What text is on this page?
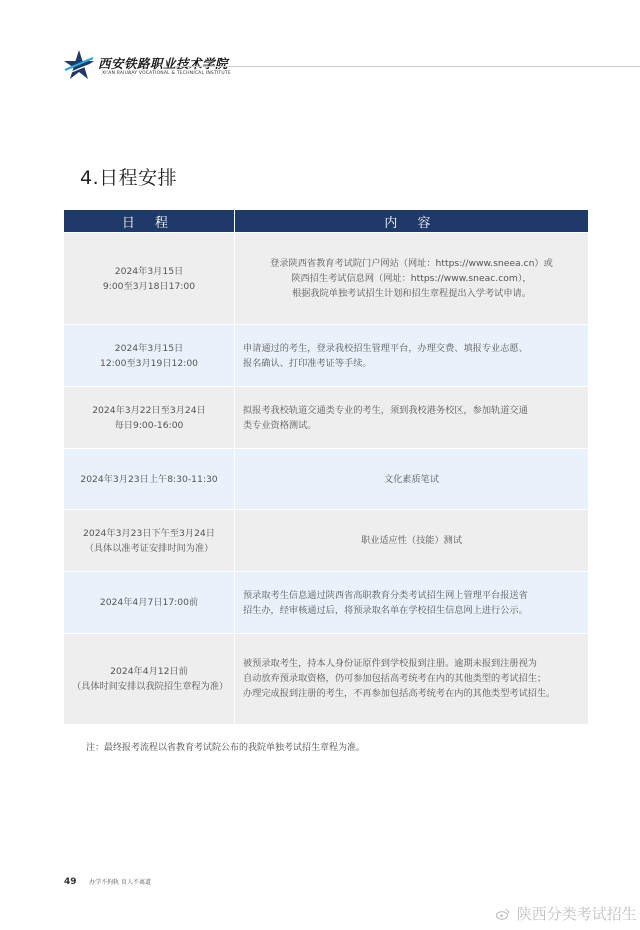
西安铁路职业技术学院
XI'AN RAILWAY VOCATIONAL & TECHNICAL INSTITUTE
4.日程安排
日 程	内 容

2024年3月15日
9:00至3月18日17:00	登录陕西省教育考试院门户网站（网址：https://www.sneea.cn）或
陕西招生考试信息网（网址：https://www.sneac.com），
根据我院单独考试招生计划和招生章程提出入学考试申请。

2024年3月15日
12:00至3月19日12:00	申请通过的考生，登录我校招生管理平台，办理交费、填报专业志愿、
报名确认、打印准考证等手续。

2024年3月22日至3月24日
每日9:00-16:00	拟报考我校轨道交通类专业的考生，须到我校港务校区，参加轨道交通
类专业资格测试。

2024年3月23日上午8:30-11:30	文化素质笔试

2024年3月23日下午至3月24日
（具体以准考证安排时间为准）	职业适应性（技能）测试

2024年4月7日17:00前	预录取考生信息通过陕西省高职教育分类考试招生网上管理平台报送省
招生办，经审核通过后，将预录取名单在学校招生信息网上进行公示。

2024年4月12日前
（具体时间安排以我院招生章程为准）	被预录取考生，持本人身份证原件到学校报到注册。逾期未报到注册视为
自动放弃预录取资格，仍可参加包括高考统考在内的其他类型的考试招生；
办理完成报到注册的考生，不再参加包括高考统考在内的其他类型考试招生。
注：最终报考流程以省教育考试院公布的我院单独考试招生章程为准。
49 办学不拘轨 育人不离道
陕西分类考试招生
